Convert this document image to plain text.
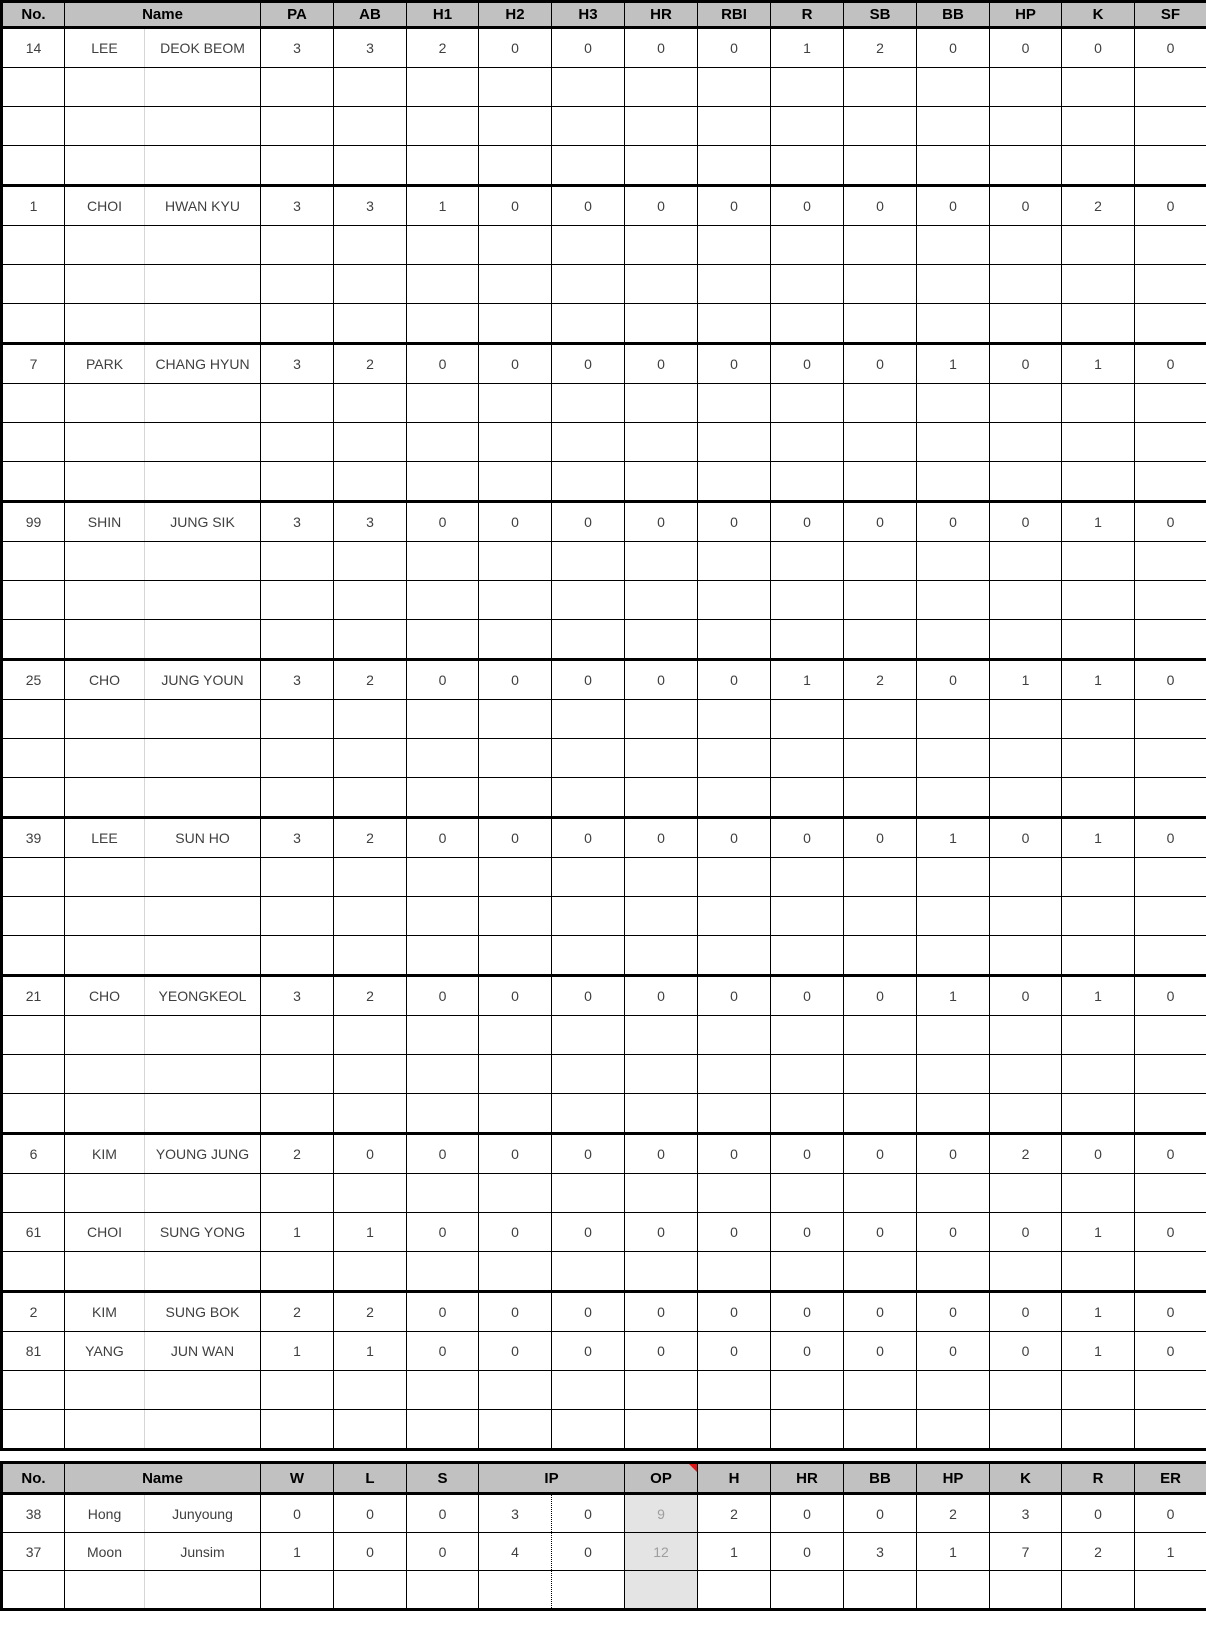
No.	Name		PA	AB	H1	H2	H3	HR	RBI	R	SB	BB	HP	K	SF
14	LEE	DEOK BEOM	3	3	2	0	0	0	0	1	2	0	0	0	0

1	CHOI	HWAN KYU	3	3	1	0	0	0	0	0	0	0	0	2	0

7	PARK	CHANG HYUN	3	2	0	0	0	0	0	0	0	1	0	1	0

99	SHIN	JUNG SIK	3	3	0	0	0	0	0	0	0	0	0	1	0

25	CHO	JUNG YOUN	3	2	0	0	0	0	0	1	2	0	1	1	0

39	LEE	SUN HO	3	2	0	0	0	0	0	0	0	1	0	1	0

21	CHO	YEONGKEOL	3	2	0	0	0	0	0	0	0	1	0	1	0

6	KIM	YOUNG JUNG	2	0	0	0	0	0	0	0	0	0	2	0	0

61	CHOI	SUNG YONG	1	1	0	0	0	0	0	0	0	0	0	1	0

2	KIM	SUNG BOK	2	2	0	0	0	0	0	0	0	0	0	1	0
81	YANG	JUN WAN	1	1	0	0	0	0	0	0	0	0	0	1	0

No.	Name		W	L	S	IP		OP	H	HR	BB	HP	K	R	ER
38	Hong	Junyoung	0	0	0	3	0	9	2	0	0	2	3	0	0
37	Moon	Junsim	1	0	0	4	0	12	1	0	3	1	7	2	1
